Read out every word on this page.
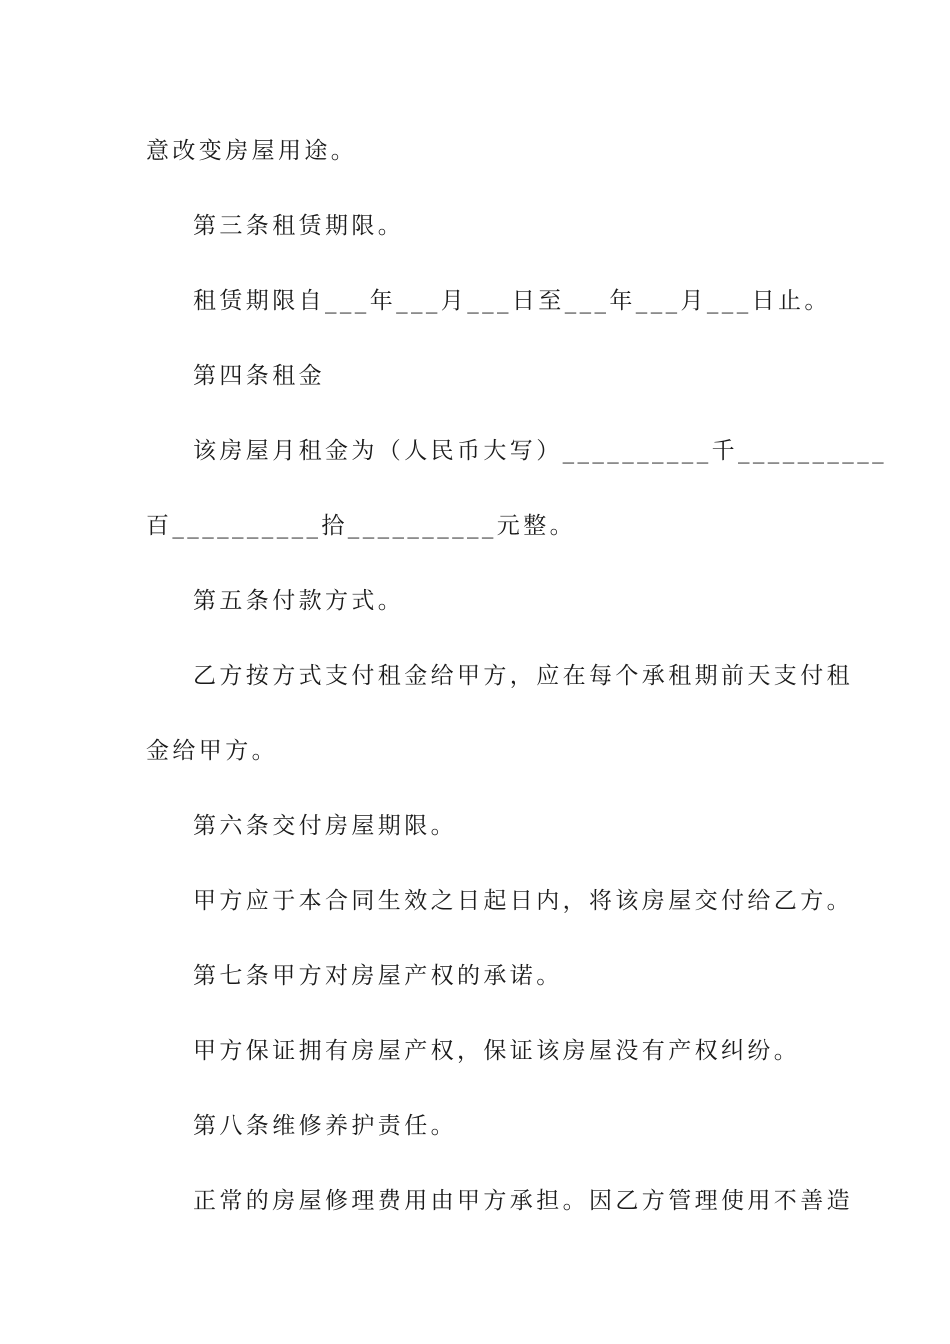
意改变房屋用途。
第三条租赁期限。
租赁期限自___年___月___日至___年___月___日止。
第四条租金
该房屋月租金为（人民币大写）__________千__________
百__________拾__________元整。
第五条付款方式。
乙方按方式支付租金给甲方，应在每个承租期前天支付租
金给甲方。
第六条交付房屋期限。
甲方应于本合同生效之日起日内，将该房屋交付给乙方。
第七条甲方对房屋产权的承诺。
甲方保证拥有房屋产权，保证该房屋没有产权纠纷。
第八条维修养护责任。
正常的房屋修理费用由甲方承担。因乙方管理使用不善造
